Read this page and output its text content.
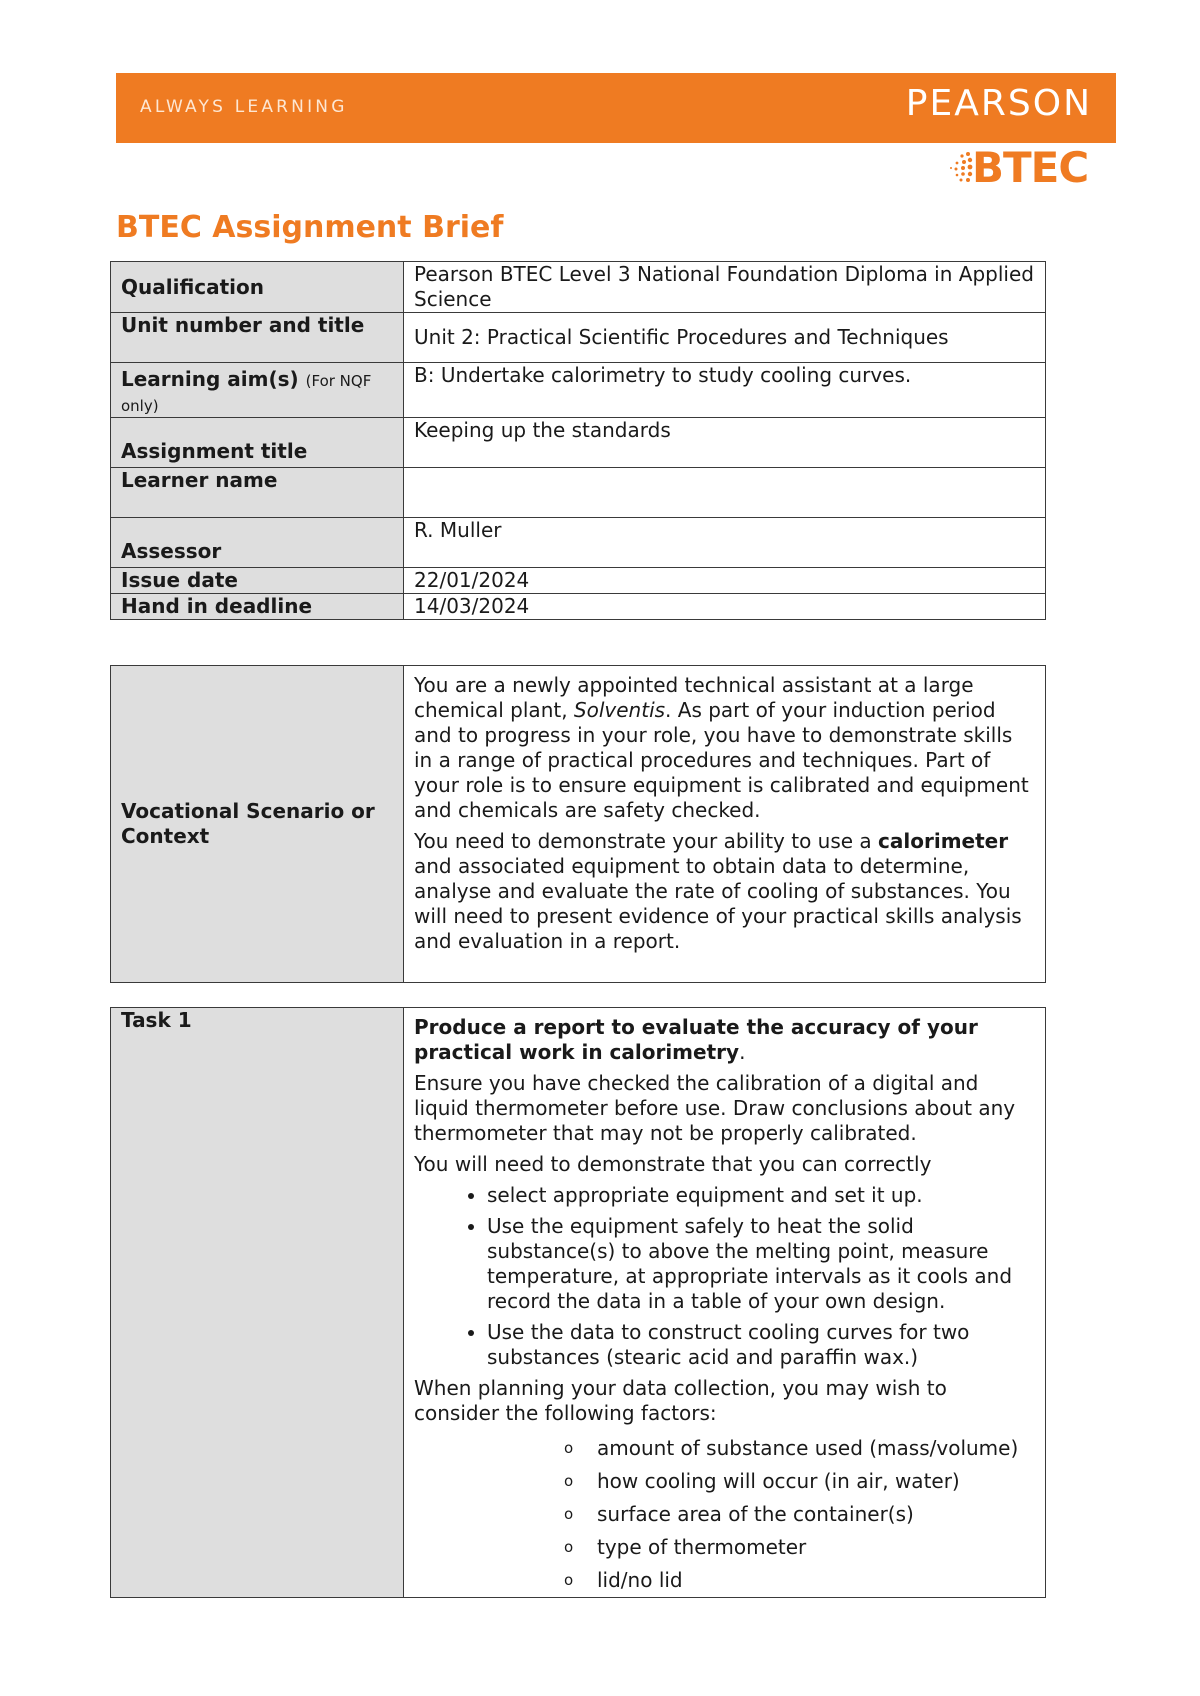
ALWAYS LEARNING	PEARSON
BTEC
BTEC Assignment Brief
Qualification	Pearson BTEC Level 3 National Foundation Diploma in Applied Science
Unit number and title	Unit 2: Practical Scientific Procedures and Techniques
Learning aim(s) (For NQF only)	B: Undertake calorimetry to study cooling curves.
Assignment title	Keeping up the standards
Learner name	
Assessor	R. Muller
Issue date	22/01/2024
Hand in deadline	14/03/2024
Vocational Scenario or Context	

You are a newly appointed technical assistant at a large chemical plant, Solventis. As part of your induction period and to progress in your role, you have to demonstrate skills in a range of practical procedures and techniques. Part of your role is to ensure equipment is calibrated and equipment and chemicals are safety checked.

You need to demonstrate your ability to use a calorimeter and associated equipment to obtain data to determine, analyse and evaluate the rate of cooling of substances. You will need to present evidence of your practical skills analysis and evaluation in a report.

Task 1	Produce a report to evaluate the accuracy of your practical work in calorimetry.

Ensure you have checked the calibration of a digital and liquid thermometer before use. Draw conclusions about any thermometer that may not be properly calibrated.

You will need to demonstrate that you can correctly

• select appropriate equipment and set it up.
• Use the equipment safely to heat the solid substance(s) to above the melting point, measure temperature, at appropriate intervals as it cools and record the data in a table of your own design.
• Use the data to construct cooling curves for two substances (stearic acid and paraffin wax.)

When planning your data collection, you may wish to consider the following factors:

o amount of substance used (mass/volume)
o how cooling will occur (in air, water)
o surface area of the container(s)
o type of thermometer
o lid/no lid
